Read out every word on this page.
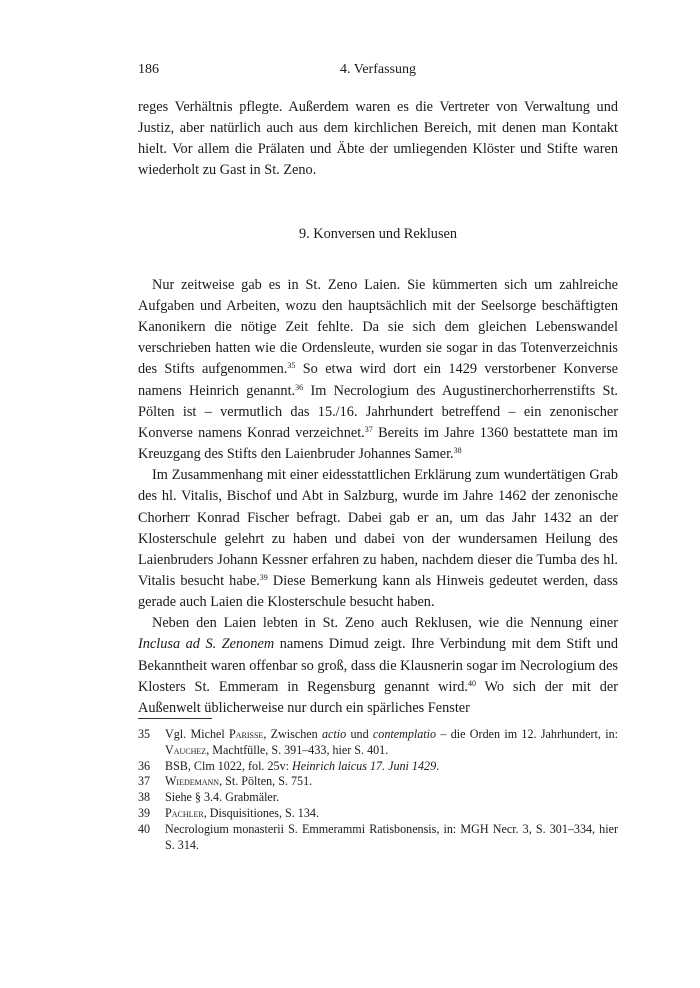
186	4. Verfassung

reges Verhältnis pflegte. Außerdem waren es die Vertreter von Verwaltung und Justiz, aber natürlich auch aus dem kirchlichen Bereich, mit denen man Kontakt hielt. Vor allem die Prälaten und Äbte der umliegenden Klöster und Stifte waren wiederholt zu Gast in St. Zeno.

9. Konversen und Reklusen

Nur zeitweise gab es in St. Zeno Laien. Sie kümmerten sich um zahlreiche Aufgaben und Arbeiten, wozu den hauptsächlich mit der Seelsorge beschäftigten Kanonikern die nötige Zeit fehlte. Da sie sich dem gleichen Lebenswandel verschrieben hatten wie die Ordensleute, wurden sie sogar in das Totenverzeichnis des Stifts aufgenommen.$^{35}$ So etwa wird dort ein 1429 verstorbener Konverse namens Heinrich genannt.$^{36}$ Im Necrologium des Augustinerchorherrenstifts St. Pölten ist – vermutlich das 15./16. Jahrhundert betreffend – ein zenonischer Konverse namens Konrad verzeichnet.$^{37}$ Bereits im Jahre 1360 bestattete man im Kreuzgang des Stifts den Laienbruder Johannes Samer.$^{38}$

Im Zusammenhang mit einer eidesstattlichen Erklärung zum wundertätigen Grab des hl. Vitalis, Bischof und Abt in Salzburg, wurde im Jahre 1462 der zenonische Chorherr Konrad Fischer befragt. Dabei gab er an, um das Jahr 1432 an der Klosterschule gelehrt zu haben und dabei von der wundersamen Heilung des Laienbruders Johann Kessner erfahren zu haben, nachdem dieser die Tumba des hl. Vitalis besucht habe.$^{39}$ Diese Bemerkung kann als Hinweis gedeutet werden, dass gerade auch Laien die Klosterschule besucht haben.

Neben den Laien lebten in St. Zeno auch Reklusen, wie die Nennung einer Inclusa ad S. Zenonem namens Dimud zeigt. Ihre Verbindung mit dem Stift und Bekanntheit waren offenbar so groß, dass die Klausnerin sogar im Necrologium des Klosters St. Emmeram in Regensburg genannt wird.$^{40}$ Wo sich der mit der Außenwelt üblicherweise nur durch ein spärliches Fenster

35 Vgl. Michel Parisse, Zwischen actio und contemplatio – die Orden im 12. Jahrhundert, in: Vauchez, Machtfülle, S. 391–433, hier S. 401.
36 BSB, Clm 1022, fol. 25v: Heinrich laicus 17. Juni 1429.
37 Wiedemann, St. Pölten, S. 751.
38 Siehe § 3.4. Grabmäler.
39 Pachler, Disquisitiones, S. 134.
40 Necrologium monasterii S. Emmerammi Ratisbonensis, in: MGH Necr. 3, S. 301–334, hier S. 314.
